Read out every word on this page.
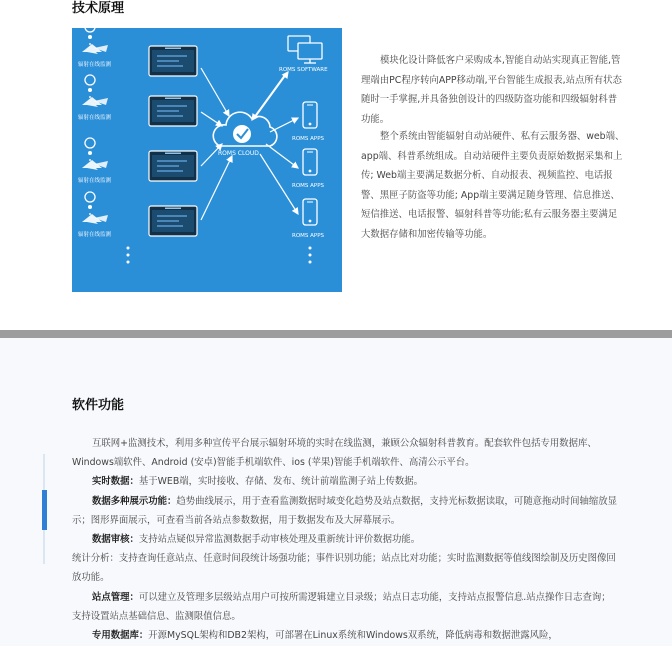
技术原理
辐射在线监测
辐射在线监测
辐射在线监测
辐射在线监测
ROMS CLOUD
ROMS SOFTWARE
ROMS APPS
ROMS APPS
ROMS APPS

模块化设计降低客户采购成本,智能自动站实现真正智能,管理端由PC程序转向APP移动端,平台智能生成报表,站点所有状态随时一手掌握,并具备独创设计的四级防盗功能和四级辐射科普功能。

整个系统由智能辐射自动站硬件、私有云服务器、web端、app端、科普系统组成。自动站硬件主要负责原始数据采集和上传; Web端主要满足数据分析、自动报表、视频监控、电话报警、黑匣子防盗等功能; App端主要满足随身管理、信息推送、短信推送、电话报警、辐射科普等功能;私有云服务器主要满足大数据存储和加密传输等功能。

软件功能

互联网+监测技术，利用多种宣传平台展示辐射环境的实时在线监测，兼顾公众辐射科普教育。配套软件包括专用数据库、Windows端软件、Android (安卓)智能手机端软件、ios (苹果)智能手机端软件、高清公示平台。

实时数据：基于WEB端，实时接收、存储、发布、统计前端监测子站上传数据。

数据多种展示功能：趋势曲线展示，用于查看监测数据时域变化趋势及站点数据，支持光标数据读取，可随意拖动时间轴缩放显示；图形界面展示，可查看当前各站点参数数据，用于数据发布及大屏幕展示。

数据审核：支持站点疑似异常监测数据手动审核处理及重新统计评价数据功能。

统计分析：支持查询任意站点、任意时间段统计场强功能；事件识别功能；站点比对功能；实时监测数据等值线图绘制及历史图像回放功能。

站点管理：可以建立及管理多层级站点用户可按所需逻辑建立目录级；站点日志功能，支持站点报警信息.站点操作日志查询；支持设置站点基础信息、监测限值信息。

专用数据库：开源MySQL架构和DB2架构，可部署在Linux系统和Windows双系统，降低病毒和数据泄露风险，
